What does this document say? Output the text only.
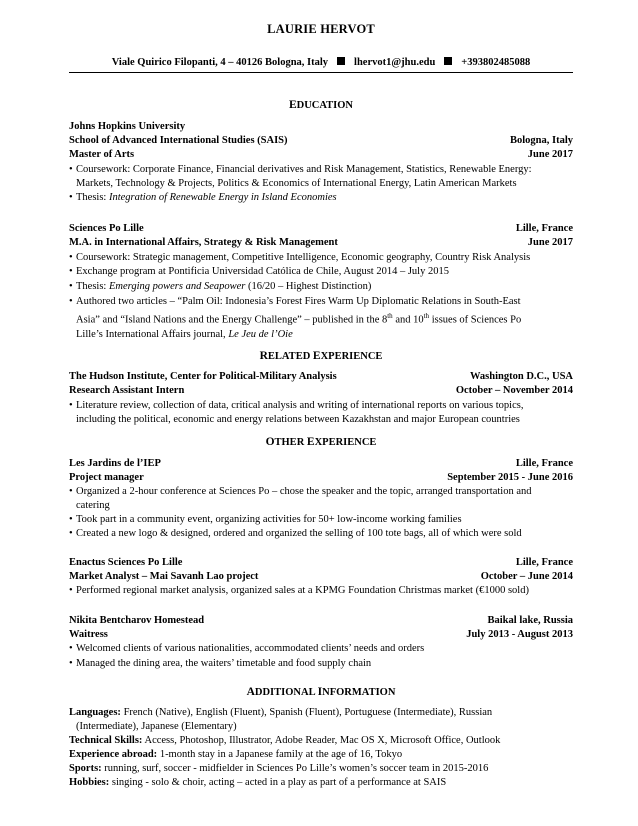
LAURIE HERVOT
Viale Quirico Filopanti, 4 – 40126 Bologna, Italy lhervot1@jhu.edu +393802485088
EDUCATION
Johns Hopkins University
School of Advanced International Studies (SAIS)	Bologna, Italy
Master of Arts	June 2017
• Coursework: Corporate Finance, Financial derivatives and Risk Management, Statistics, Renewable Energy:
Markets, Technology & Projects, Politics & Economics of International Energy, Latin American Markets
• Thesis: Integration of Renewable Energy in Island Economies
Sciences Po Lille	Lille, France
M.A. in International Affairs, Strategy & Risk Management	June 2017
• Coursework: Strategic management, Competitive Intelligence, Economic geography, Country Risk Analysis
• Exchange program at Pontificia Universidad Católica de Chile, August 2014 – July 2015
• Thesis: Emerging powers and Seapower (16/20 – Highest Distinction)
• Authored two articles – “Palm Oil: Indonesia’s Forest Fires Warm Up Diplomatic Relations in South-East
Asia” and “Island Nations and the Energy Challenge” – published in the 8th and 10th issues of Sciences Po
Lille’s International Affairs journal, Le Jeu de l’Oie
RELATED EXPERIENCE
The Hudson Institute, Center for Political-Military Analysis	Washington D.C., USA
Research Assistant Intern	October – November 2014
• Literature review, collection of data, critical analysis and writing of international reports on various topics,
including the political, economic and energy relations between Kazakhstan and major European countries
OTHER EXPERIENCE
Les Jardins de l’IEP	Lille, France
Project manager	September 2015 - June 2016
• Organized a 2-hour conference at Sciences Po – chose the speaker and the topic, arranged transportation and
catering
• Took part in a community event, organizing activities for 50+ low-income working families
• Created a new logo & designed, ordered and organized the selling of 100 tote bags, all of which were sold
Enactus Sciences Po Lille	Lille, France
Market Analyst – Mai Savanh Lao project	October – June 2014
• Performed regional market analysis, organized sales at a KPMG Foundation Christmas market (€1000 sold)
Nikita Bentcharov Homestead	Baikal lake, Russia
Waitress	July 2013 - August 2013
• Welcomed clients of various nationalities, accommodated clients’ needs and orders
• Managed the dining area, the waiters’ timetable and food supply chain
ADDITIONAL INFORMATION
Languages: French (Native), English (Fluent), Spanish (Fluent), Portuguese (Intermediate), Russian
(Intermediate), Japanese (Elementary)
Technical Skills: Access, Photoshop, Illustrator, Adobe Reader, Mac OS X, Microsoft Office, Outlook
Experience abroad: 1-month stay in a Japanese family at the age of 16, Tokyo
Sports: running, surf, soccer - midfielder in Sciences Po Lille’s women’s soccer team in 2015-2016
Hobbies: singing - solo & choir, acting – acted in a play as part of a performance at SAIS
